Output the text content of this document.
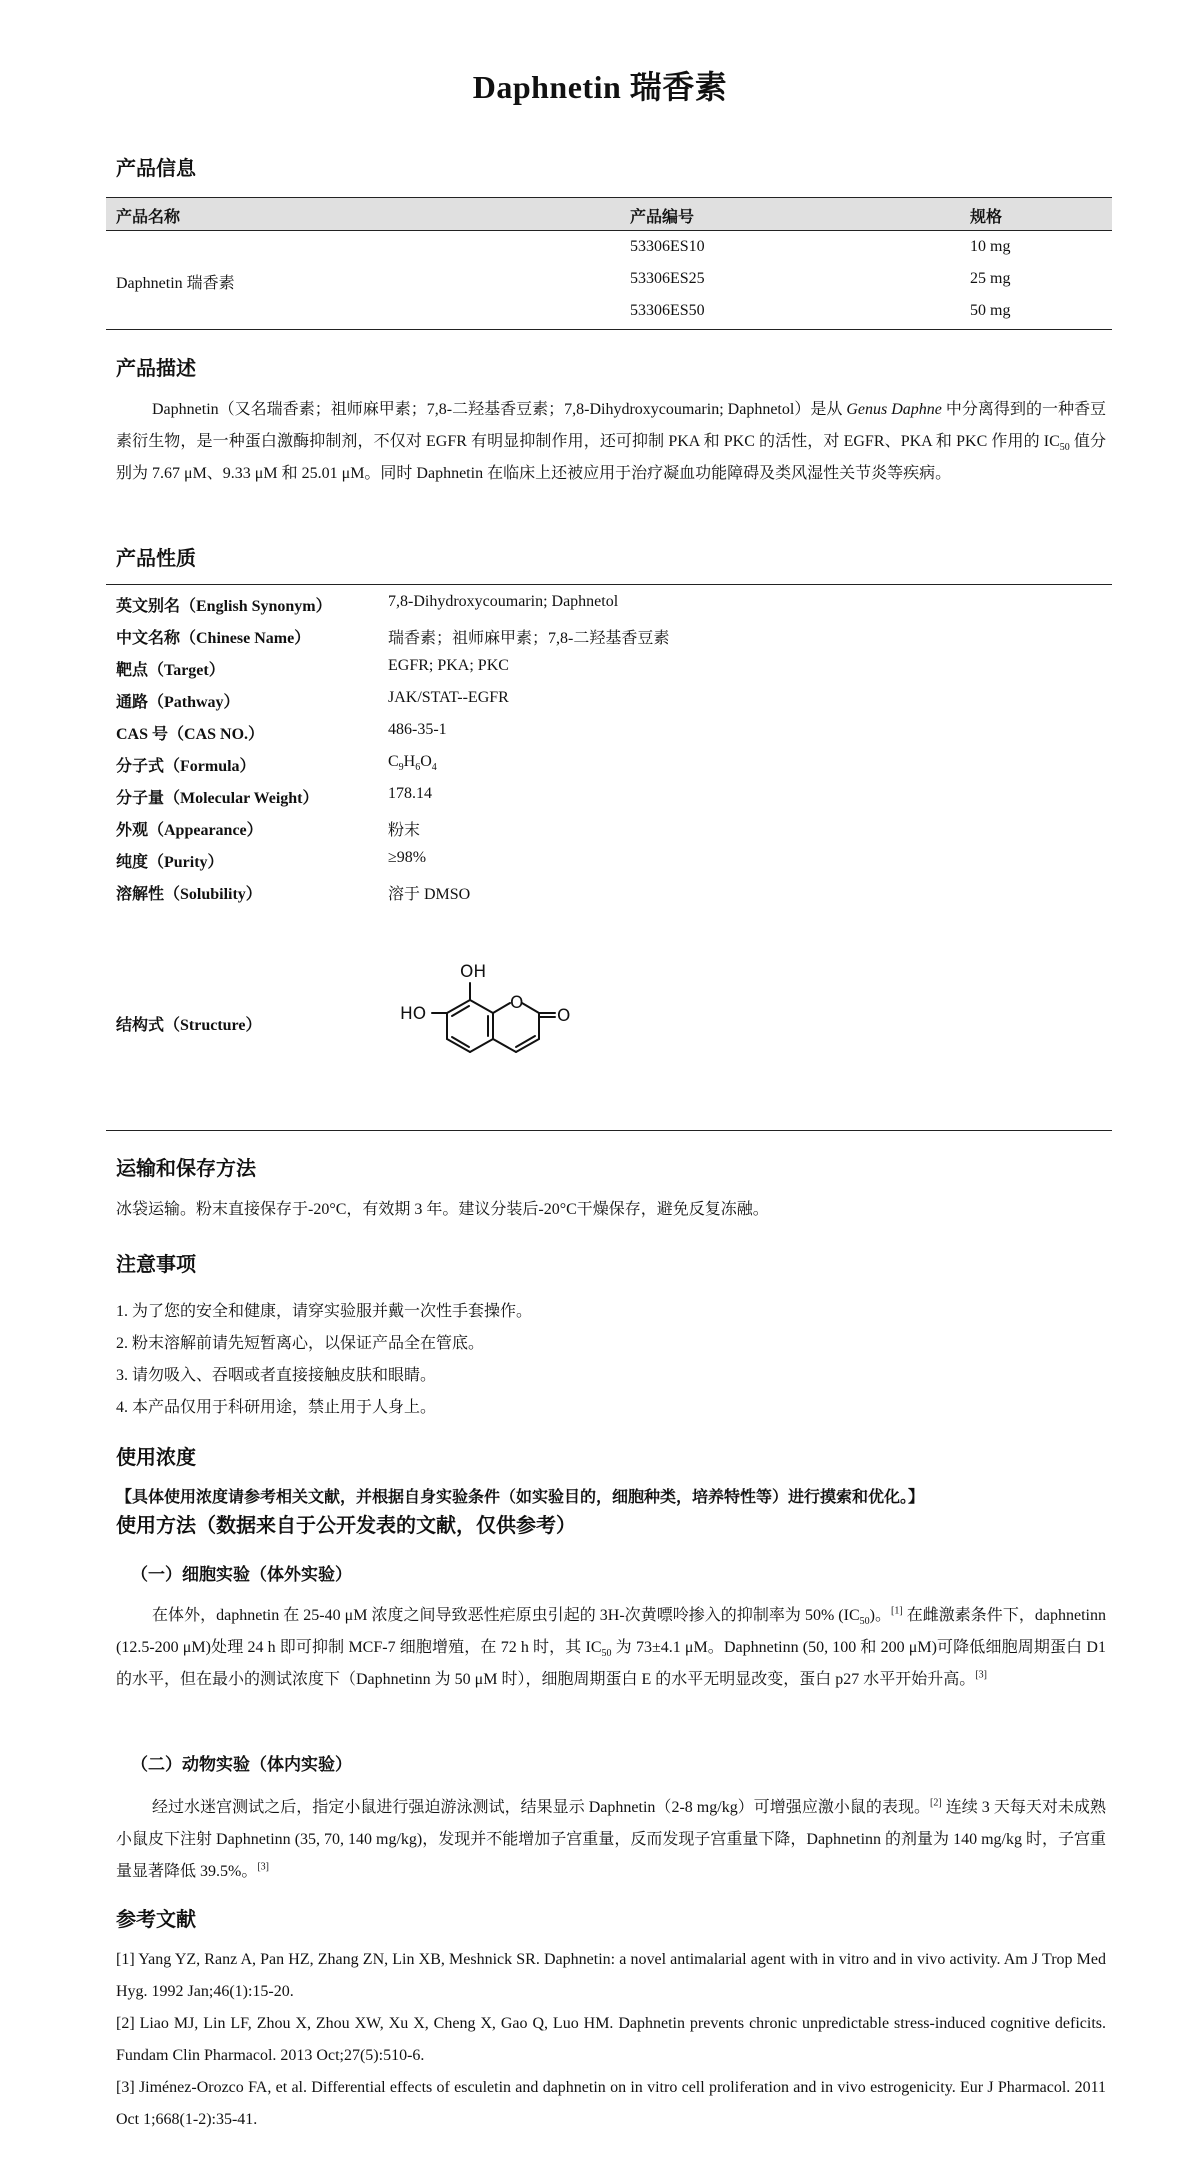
Daphnetin 瑞香素
产品信息
产品名称	产品编号	规格
Daphnetin 瑞香素
53306ES10	10 mg
53306ES25	25 mg
53306ES50	50 mg
产品描述
Daphnetin（又名瑞香素；祖师麻甲素；7,8-二羟基香豆素；7,8-Dihydroxycoumarin; Daphnetol）是从 Genus Daphne 中分离得到的一种香豆素衍生物，是一种蛋白激酶抑制剂，不仅对 EGFR 有明显抑制作用，还可抑制 PKA 和 PKC 的活性，对 EGFR、PKA 和 PKC 作用的 $IC_{50}$ 值分别为 7.67 μM、9.33 μM 和 25.01 μM。同时 Daphnetin 在临床上还被应用于治疗凝血功能障碍及类风湿性关节炎等疾病。
产品性质
英文别名（English Synonym）	7,8-Dihydroxycoumarin; Daphnetol
中文名称（Chinese Name）	瑞香素；祖师麻甲素；7,8-二羟基香豆素
靶点（Target）	EGFR; PKA; PKC
通路（Pathway）	JAK/STAT--EGFR
CAS 号（CAS NO.）	486-35-1
分子式（Formula）	$C_9H_6O_4$
分子量（Molecular Weight）	178.14
外观（Appearance）	粉末
纯度（Purity）	≥98%
溶解性（Solubility）	溶于 DMSO
结构式（Structure）
OH
HO
O
O
运输和保存方法
冰袋运输。粉末直接保存于-20°C，有效期 3 年。建议分装后-20°C干燥保存，避免反复冻融。
注意事项
1. 为了您的安全和健康，请穿实验服并戴一次性手套操作。
2. 粉末溶解前请先短暂离心，以保证产品全在管底。
3. 请勿吸入、吞咽或者直接接触皮肤和眼睛。
4. 本产品仅用于科研用途，禁止用于人身上。
使用浓度
【具体使用浓度请参考相关文献，并根据自身实验条件（如实验目的，细胞种类，培养特性等）进行摸索和优化。】
使用方法（数据来自于公开发表的文献，仅供参考）
（一）细胞实验（体外实验）
在体外，daphnetin 在 25-40 μM 浓度之间导致恶性疟原虫引起的 3H-次黄嘌呤掺入的抑制率为 50% $(IC_{50})$。[1] 在雌激素条件下，daphnetinn (12.5-200 μM)处理 24 h 即可抑制 MCF-7 细胞增殖，在 72 h 时，其 $IC_{50}$ 为 73±4.1 μM。Daphnetinn (50, 100 和 200 μM)可降低细胞周期蛋白 D1 的水平，但在最小的测试浓度下（Daphnetinn 为 50 μM 时），细胞周期蛋白 E 的水平无明显改变，蛋白 p27 水平开始升高。[3]
（二）动物实验（体内实验）
经过水迷宫测试之后，指定小鼠进行强迫游泳测试，结果显示 Daphnetin（2-8 mg/kg）可增强应激小鼠的表现。[2] 连续 3 天每天对未成熟小鼠皮下注射 Daphnetinn (35, 70, 140 mg/kg)，发现并不能增加子宫重量，反而发现子宫重量下降，Daphnetinn 的剂量为 140 mg/kg 时，子宫重量显著降低 39.5%。[3]
参考文献
[1] Yang YZ, Ranz A, Pan HZ, Zhang ZN, Lin XB, Meshnick SR. Daphnetin: a novel antimalarial agent with in vitro and in vivo activity. Am J Trop Med Hyg. 1992 Jan;46(1):15-20.
[2] Liao MJ, Lin LF, Zhou X, Zhou XW, Xu X, Cheng X, Gao Q, Luo HM. Daphnetin prevents chronic unpredictable stress-induced cognitive deficits. Fundam Clin Pharmacol. 2013 Oct;27(5):510-6.
[3] Jiménez-Orozco FA, et al. Differential effects of esculetin and daphnetin on in vitro cell proliferation and in vivo estrogenicity. Eur J Pharmacol. 2011 Oct 1;668(1-2):35-41.
